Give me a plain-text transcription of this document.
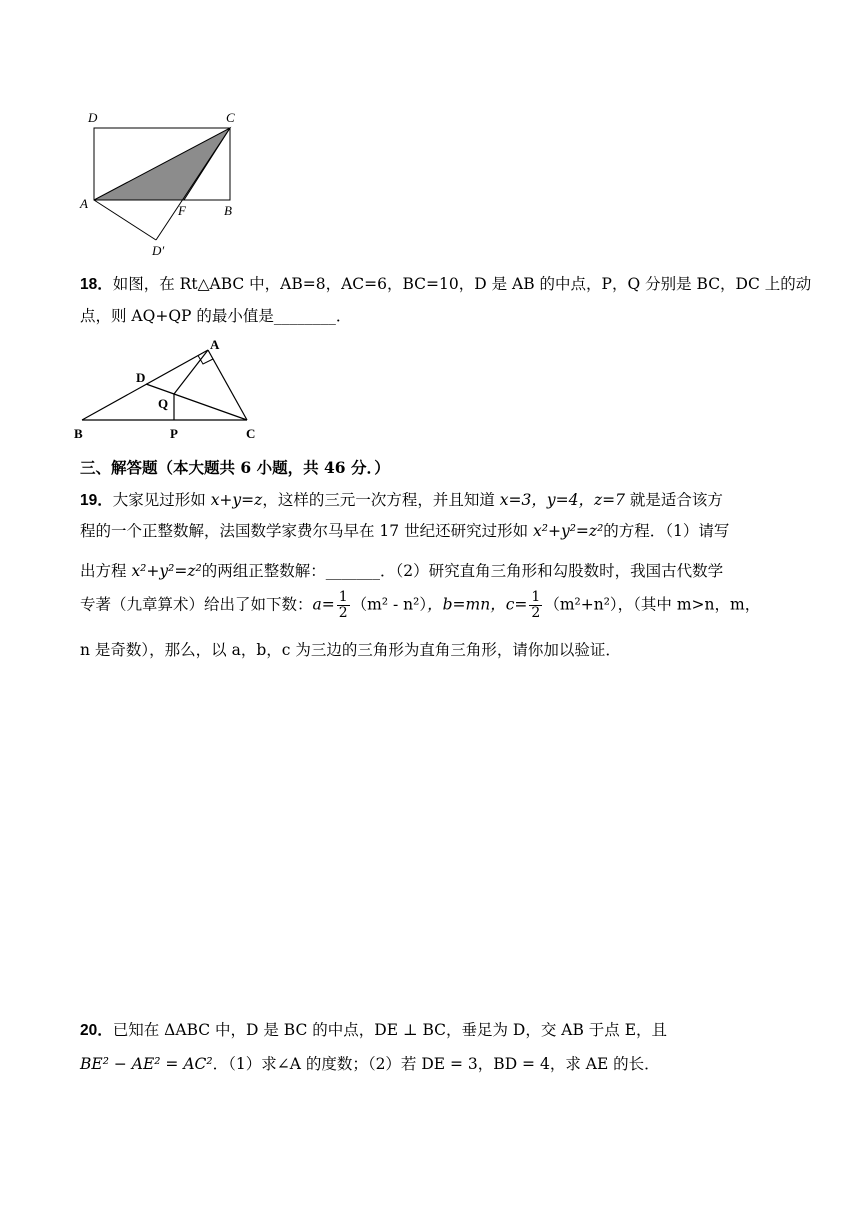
D	C
A	F	B
D′
18．如图，在 Rt△ABC 中，AB=8，AC=6，BC=10，D 是 AB 的中点，P，Q 分别是 BC，DC 上的动
点，则 AQ+QP 的最小值是________．
A
D
Q
B	P	C
三、解答题（本大题共 6 小题，共 46 分．）
19．大家见过形如 x+y=z，这样的三元一次方程，并且知道 x=3，y=4，z=7 就是适合该方
程的一个正整数解，法国数学家费尔马早在 17 世纪还研究过形如 x²+y²=z²的方程．（1）请写
出方程 x²+y²=z²的两组正整数解：_______．（2）研究直角三角形和勾股数时，我国古代数学
专著（九章算术）给出了如下数：$a= \frac{1}{2} (m^2 - n^2)$，b=mn，$c= \frac{1}{2} (m^2+n^2)$，（其中 m>n，m，
n 是奇数），那么，以 a，b，c 为三边的三角形为直角三角形，请你加以验证．
20．已知在 ΔABC 中，D 是 BC 的中点，DE ⊥ BC，垂足为 D，交 AB 于点 E，且
BE² − AE² = AC²．（1）求∠A 的度数；（2）若 DE = 3，BD = 4，求 AE 的长．
